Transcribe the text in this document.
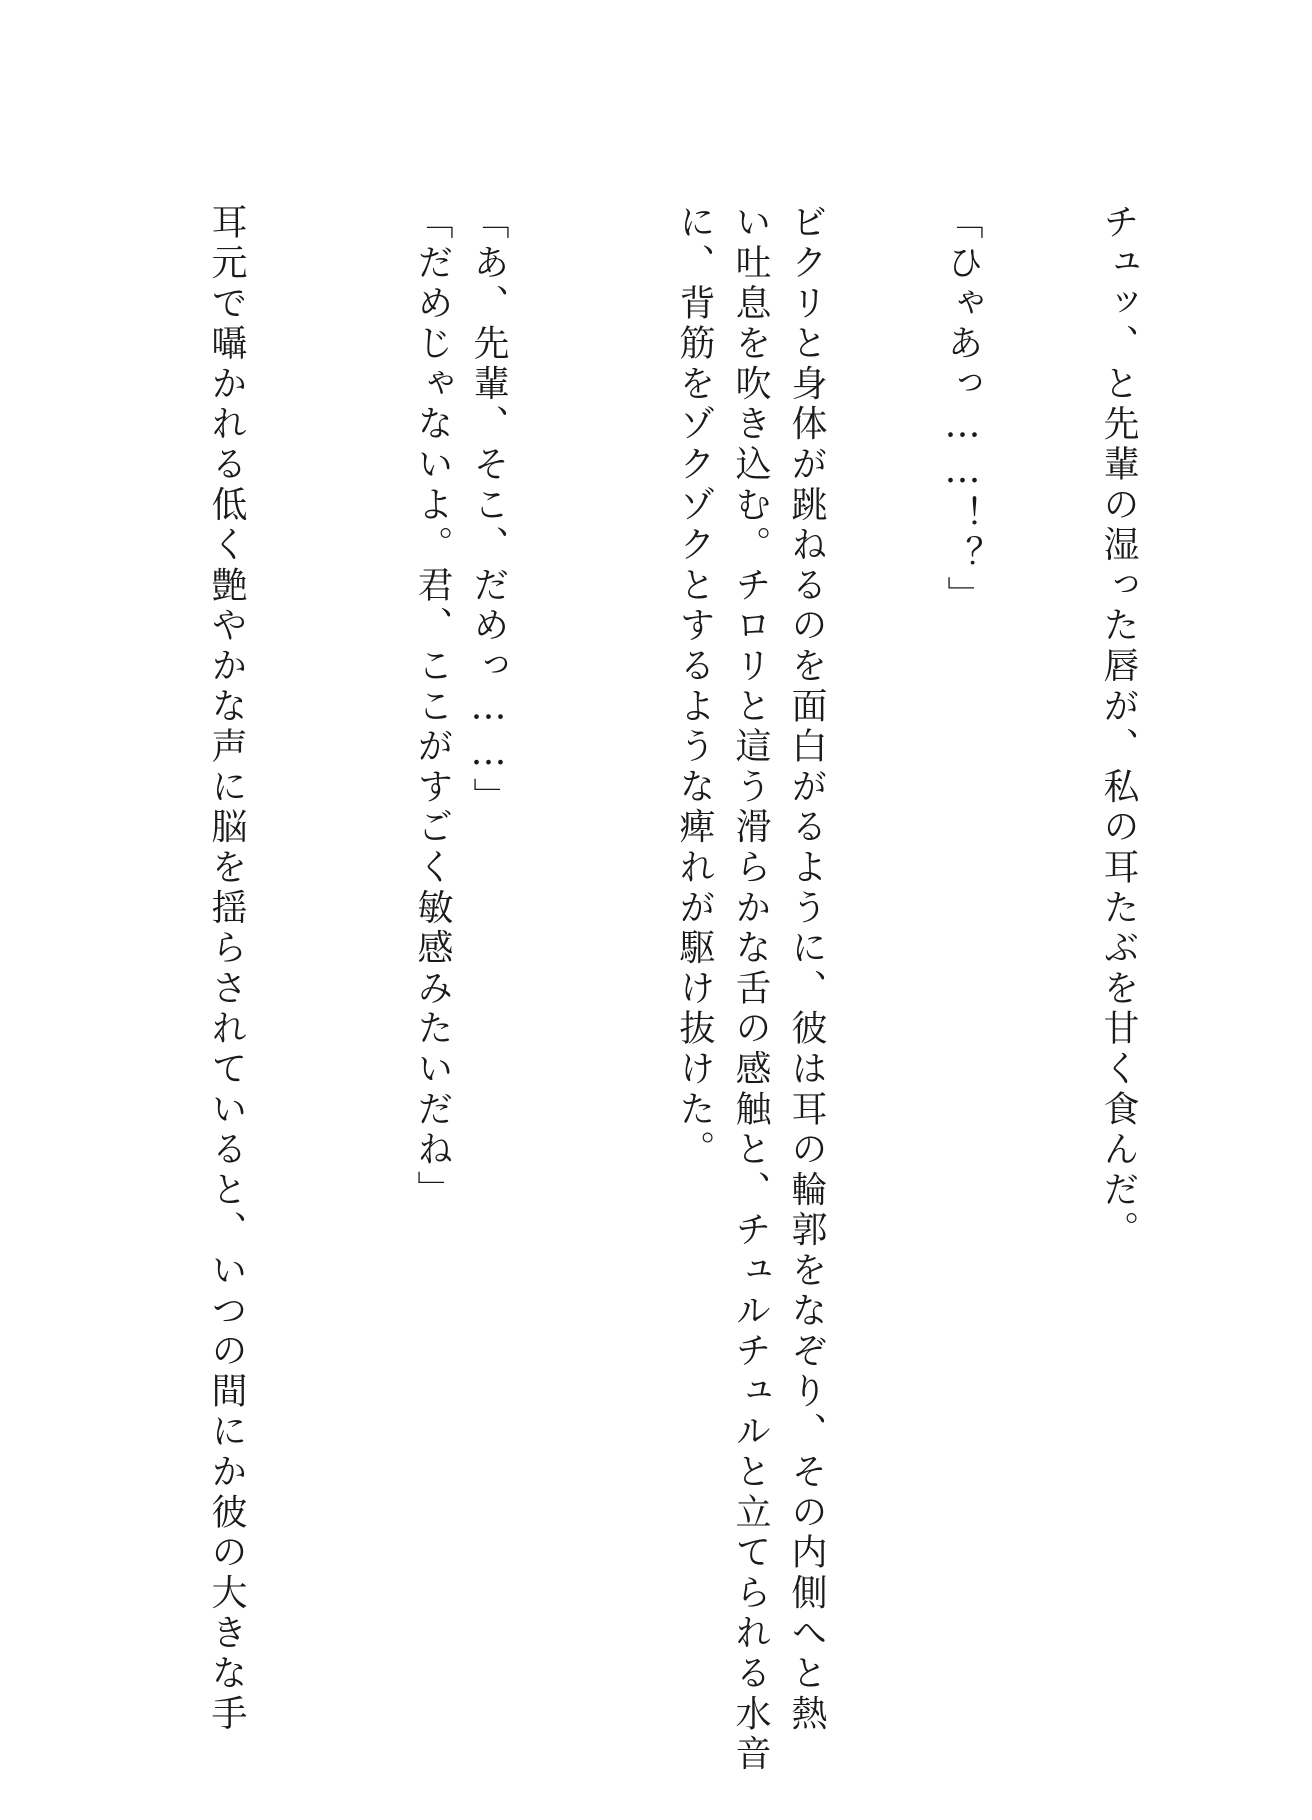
チュッ、と先輩の湿った唇が、私の耳たぶを甘く食んだ。

「ひゃあっ……！？」

ビクリと身体が跳ねるのを面白がるように、彼は耳の輪郭をなぞり、その内側へと熱

い吐息を吹き込む。チロリと這う滑らかな舌の感触と、チュルチュルと立てられる水音

に、背筋をゾクゾクとするような痺れが駆け抜けた。

「あ、先輩、そこ、だめっ……」

「だめじゃないよ。君、ここがすごく敏感みたいだね」

耳元で囁かれる低く艶やかな声に脳を揺らされていると、いつの間にか彼の大きな手
